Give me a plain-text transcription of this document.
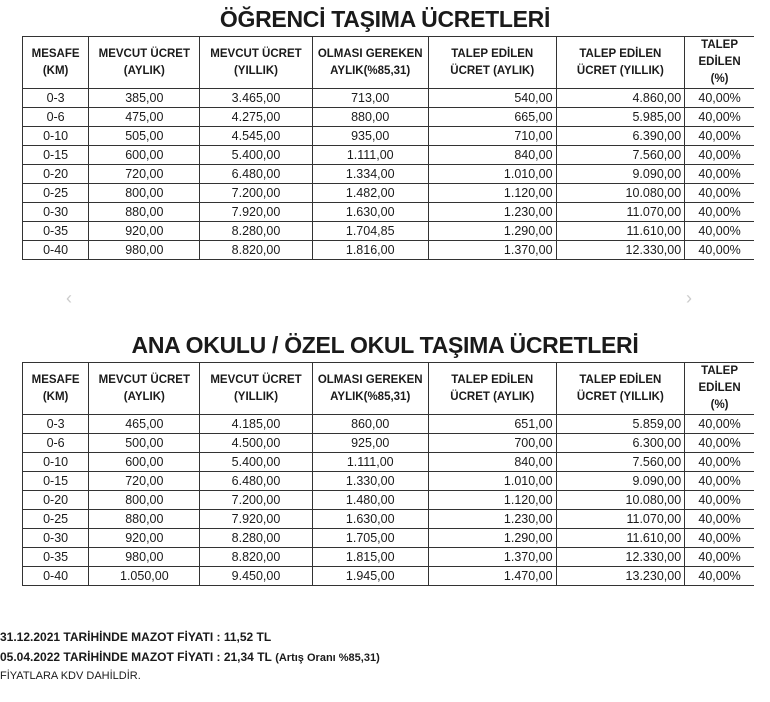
ÖĞRENCİ TAŞIMA ÜCRETLERİ
MESAFE (KM)	MEVCUT ÜCRET (AYLIK)	MEVCUT ÜCRET (YILLIK)	OLMASI GEREKEN AYLIK(%85,31)	TALEP EDİLEN ÜCRET (AYLIK)	TALEP EDİLEN ÜCRET (YILLIK)	TALEP EDİLEN (%)
0-3	385,00	3.465,00	713,00	540,00	4.860,00	40,00%
0-6	475,00	4.275,00	880,00	665,00	5.985,00	40,00%
0-10	505,00	4.545,00	935,00	710,00	6.390,00	40,00%
0-15	600,00	5.400,00	1.111,00	840,00	7.560,00	40,00%
0-20	720,00	6.480,00	1.334,00	1.010,00	9.090,00	40,00%
0-25	800,00	7.200,00	1.482,00	1.120,00	10.080,00	40,00%
0-30	880,00	7.920,00	1.630,00	1.230,00	11.070,00	40,00%
0-35	920,00	8.280,00	1.704,85	1.290,00	11.610,00	40,00%
0-40	980,00	8.820,00	1.816,00	1.370,00	12.330,00	40,00%
‹	›
ANA OKULU / ÖZEL OKUL TAŞIMA ÜCRETLERİ
MESAFE (KM)	MEVCUT ÜCRET (AYLIK)	MEVCUT ÜCRET (YILLIK)	OLMASI GEREKEN AYLIK(%85,31)	TALEP EDİLEN ÜCRET (AYLIK)	TALEP EDİLEN ÜCRET (YILLIK)	TALEP EDİLEN (%)
0-3	465,00	4.185,00	860,00	651,00	5.859,00	40,00%
0-6	500,00	4.500,00	925,00	700,00	6.300,00	40,00%
0-10	600,00	5.400,00	1.111,00	840,00	7.560,00	40,00%
0-15	720,00	6.480,00	1.330,00	1.010,00	9.090,00	40,00%
0-20	800,00	7.200,00	1.480,00	1.120,00	10.080,00	40,00%
0-25	880,00	7.920,00	1.630,00	1.230,00	11.070,00	40,00%
0-30	920,00	8.280,00	1.705,00	1.290,00	11.610,00	40,00%
0-35	980,00	8.820,00	1.815,00	1.370,00	12.330,00	40,00%
0-40	1.050,00	9.450,00	1.945,00	1.470,00	13.230,00	40,00%
31.12.2021 TARİHİNDE MAZOT FİYATI : 11,52 TL
05.04.2022 TARİHİNDE MAZOT FİYATI : 21,34 TL (Artış Oranı %85,31)
FİYATLARA KDV DAHİLDİR.
